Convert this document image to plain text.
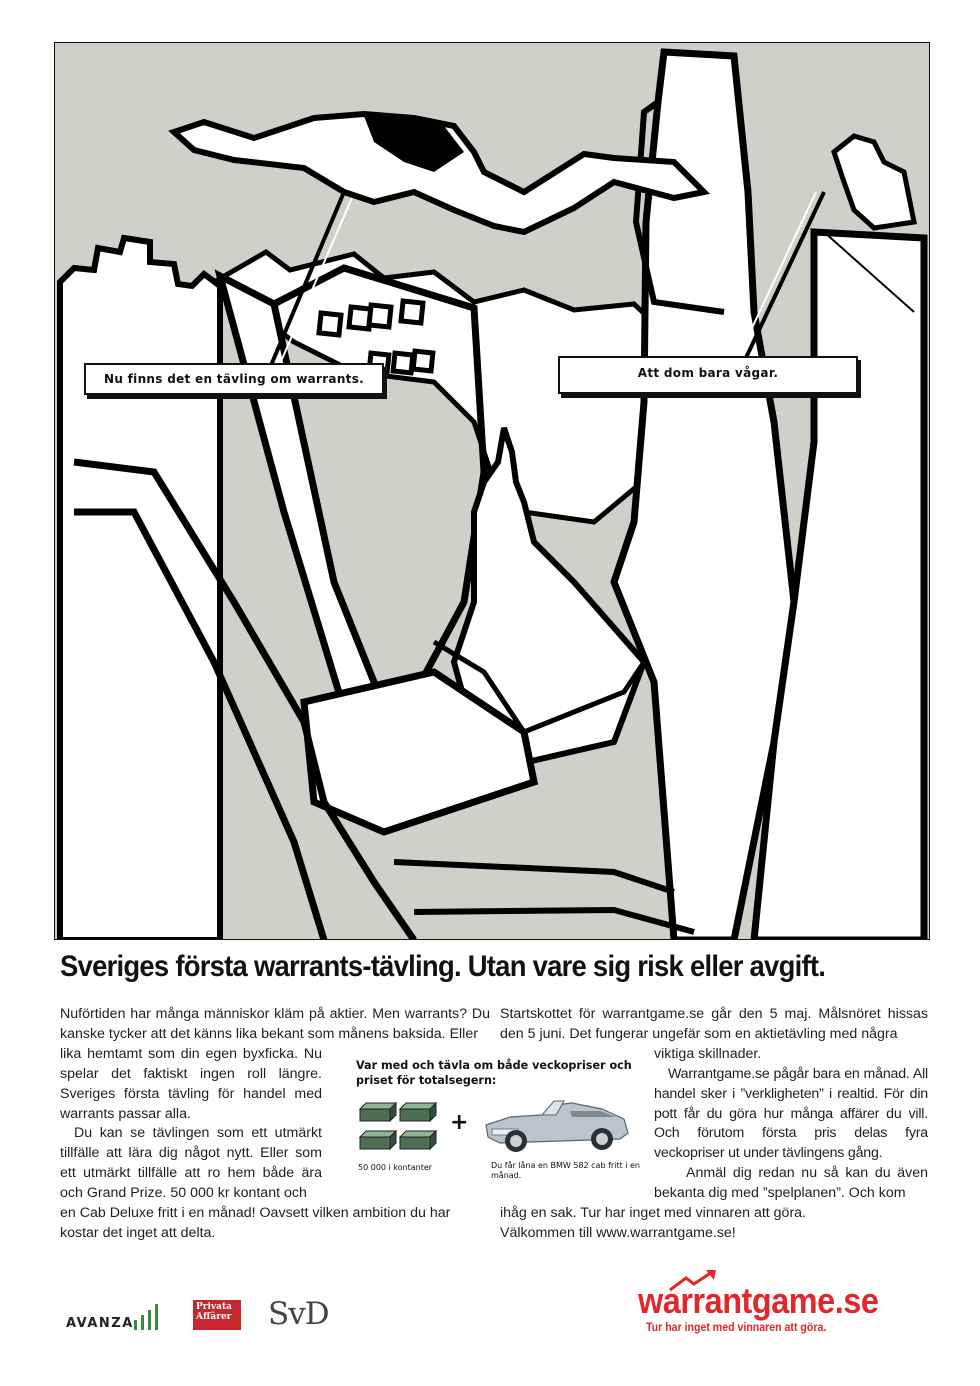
Nu finns det en tävling om warrants.	Att dom bara vågar.
Sveriges första warrants-tävling. Utan vare sig risk eller avgift.

Nuförtiden har många människor kläm på aktier. Men warrants? Du kanske tycker att det känns lika bekant som månens baksida. Eller

lika hemtamt som din egen byxficka. Nu spelar det faktiskt ingen roll längre. Sveriges första tävling för handel med warrants passar alla.

Du kan se tävlingen som ett utmärkt tillfälle att lära dig något nytt. Eller som ett utmärkt tillfälle att ro hem både ära och Grand Prize. 50 000 kr kontant och

en Cab Deluxe fritt i en månad! Oavsett vilken ambition du har kostar det inget att delta.

Startskottet för warrantgame.se går den 5 maj. Målsnöret hissas den 5 juni. Det fungerar ungefär som en aktietävling med några

viktiga skillnader.

Warrantgame.se pågår bara en månad. All handel sker i ”verkligheten” i realtid. För din pott får du göra hur många affärer du vill. Och förutom första pris delas fyra veckopriser ut under tävlingens gång.

Anmäl dig redan nu så kan du även bekanta dig med ”spelplanen”. Och kom

ihåg en sak. Tur har inget med vinnaren att göra. Välkommen till www.warrantgame.se!

Var med och tävla om både veckopriser och priset för totalsegern:
+
50 000 i kontanter	Du får låna en BMW 582 cab fritt i en månad.
AVANZA
Privata
Affärer SvD	warrantgame.se
Tur har inget med vinnaren att göra.
